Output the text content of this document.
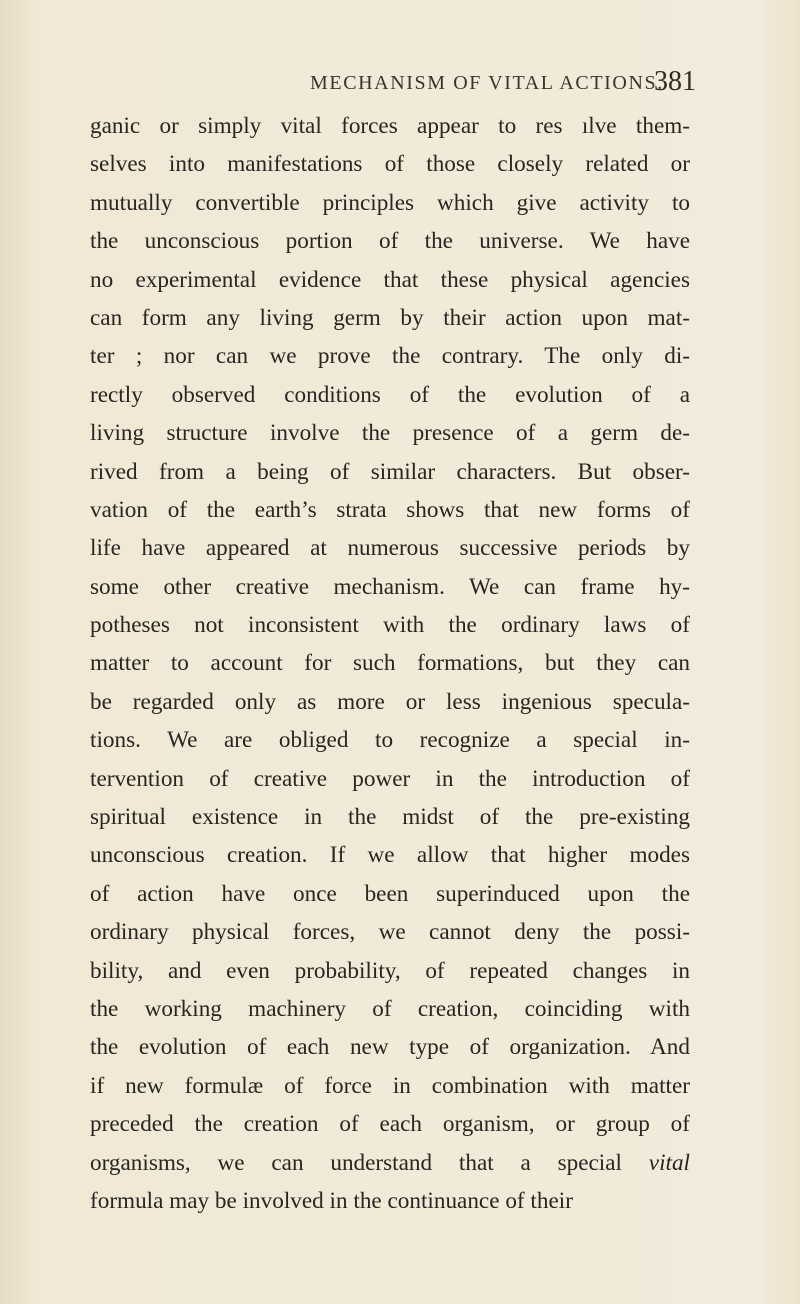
MECHANISM OF VITAL ACTIONS.
381
ganic or simply vital forces appear to res ılve them-
selves into manifestations of those closely related or
mutually convertible principles which give activity to
the unconscious portion of the universe. We have
no experimental evidence that these physical agencies
can form any living germ by their action upon mat-
ter ; nor can we prove the contrary. The only di-
rectly observed conditions of the evolution of a
living structure involve the presence of a germ de-
rived from a being of similar characters. But obser-
vation of the earth’s strata shows that new forms of
life have appeared at numerous successive periods by
some other creative mechanism. We can frame hy-
potheses not inconsistent with the ordinary laws of
matter to account for such formations, but they can
be regarded only as more or less ingenious specula-
tions. We are obliged to recognize a special in-
tervention of creative power in the introduction of
spiritual existence in the midst of the pre-existing
unconscious creation. If we allow that higher modes
of action have once been superinduced upon the
ordinary physical forces, we cannot deny the possi-
bility, and even probability, of repeated changes in
the working machinery of creation, coinciding with
the evolution of each new type of organization. And
if new formulæ of force in combination with matter
preceded the creation of each organism, or group of
organisms, we can understand that a special vital
formula may be involved in the continuance of their
